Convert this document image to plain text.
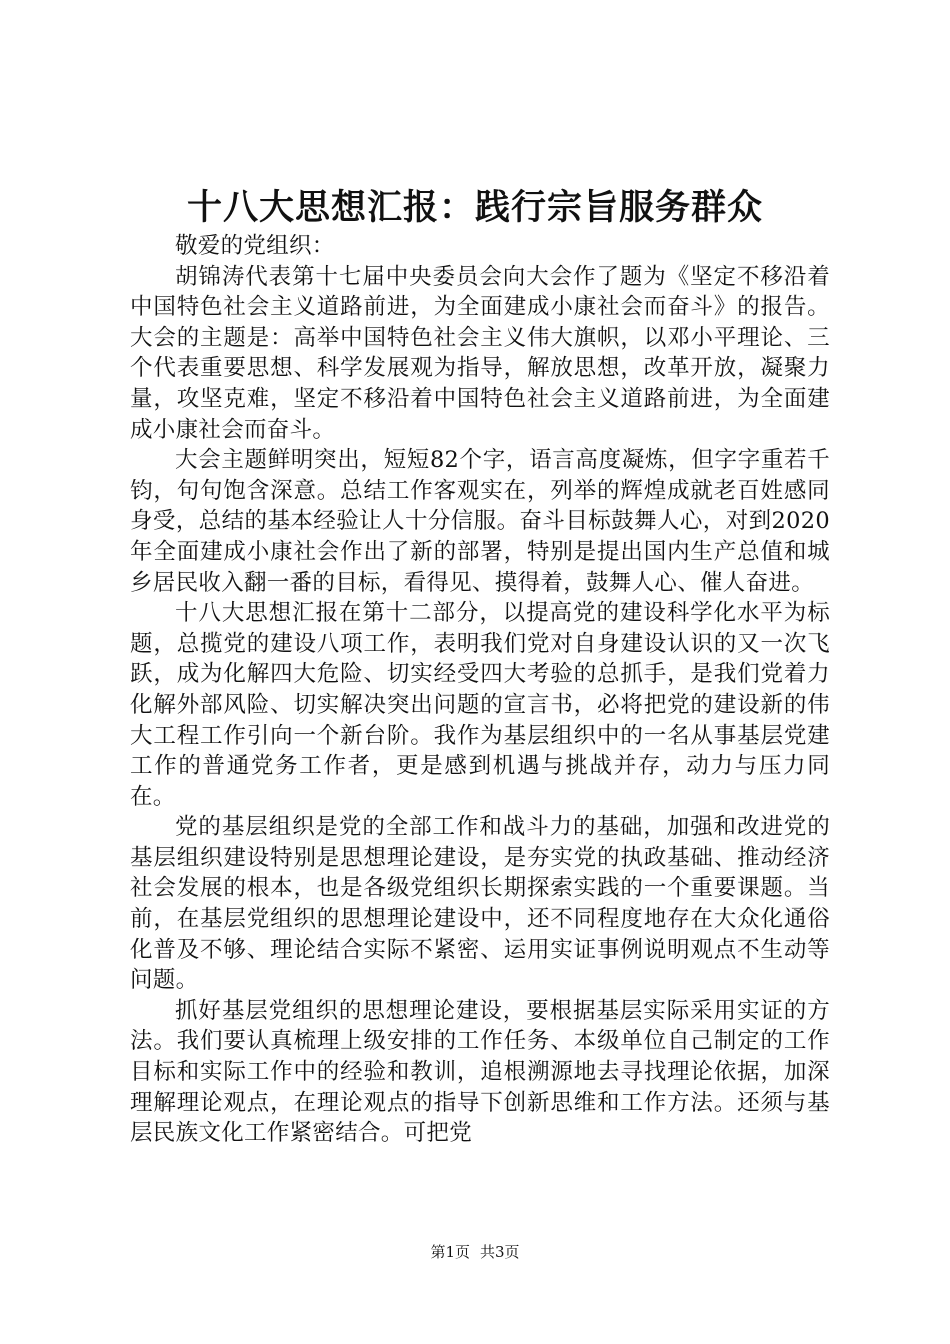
十八大思想汇报：践行宗旨服务群众

敬爱的党组织：

胡锦涛代表第十七届中央委员会向大会作了题为《坚定不移沿着中国特色社会主义道路前进，为全面建成小康社会而奋斗》的报告。大会的主题是：高举中国特色社会主义伟大旗帜，以邓小平理论、三个代表重要思想、科学发展观为指导，解放思想，改革开放，凝聚力量，攻坚克难，坚定不移沿着中国特色社会主义道路前进，为全面建成小康社会而奋斗。

大会主题鲜明突出，短短82个字，语言高度凝炼，但字字重若千钧，句句饱含深意。总结工作客观实在，列举的辉煌成就老百姓感同身受，总结的基本经验让人十分信服。奋斗目标鼓舞人心，对到2020年全面建成小康社会作出了新的部署，特别是提出国内生产总值和城乡居民收入翻一番的目标，看得见、摸得着，鼓舞人心、催人奋进。

十八大思想汇报在第十二部分，以提高党的建设科学化水平为标题，总揽党的建设八项工作，表明我们党对自身建设认识的又一次飞跃，成为化解四大危险、切实经受四大考验的总抓手，是我们党着力化解外部风险、切实解决突出问题的宣言书，必将把党的建设新的伟大工程工作引向一个新台阶。我作为基层组织中的一名从事基层党建工作的普通党务工作者，更是感到机遇与挑战并存，动力与压力同在。

党的基层组织是党的全部工作和战斗力的基础，加强和改进党的基层组织建设特别是思想理论建设，是夯实党的执政基础、推动经济社会发展的根本，也是各级党组织长期探索实践的一个重要课题。当前，在基层党组织的思想理论建设中，还不同程度地存在大众化通俗化普及不够、理论结合实际不紧密、运用实证事例说明观点不生动等问题。

抓好基层党组织的思想理论建设，要根据基层实际采用实证的方法。我们要认真梳理上级安排的工作任务、本级单位自己制定的工作目标和实际工作中的经验和教训，追根溯源地去寻找理论依据，加深理解理论观点，在理论观点的指导下创新思维和工作方法。还须与基层民族文化工作紧密结合。可把党

第1页 共3页
